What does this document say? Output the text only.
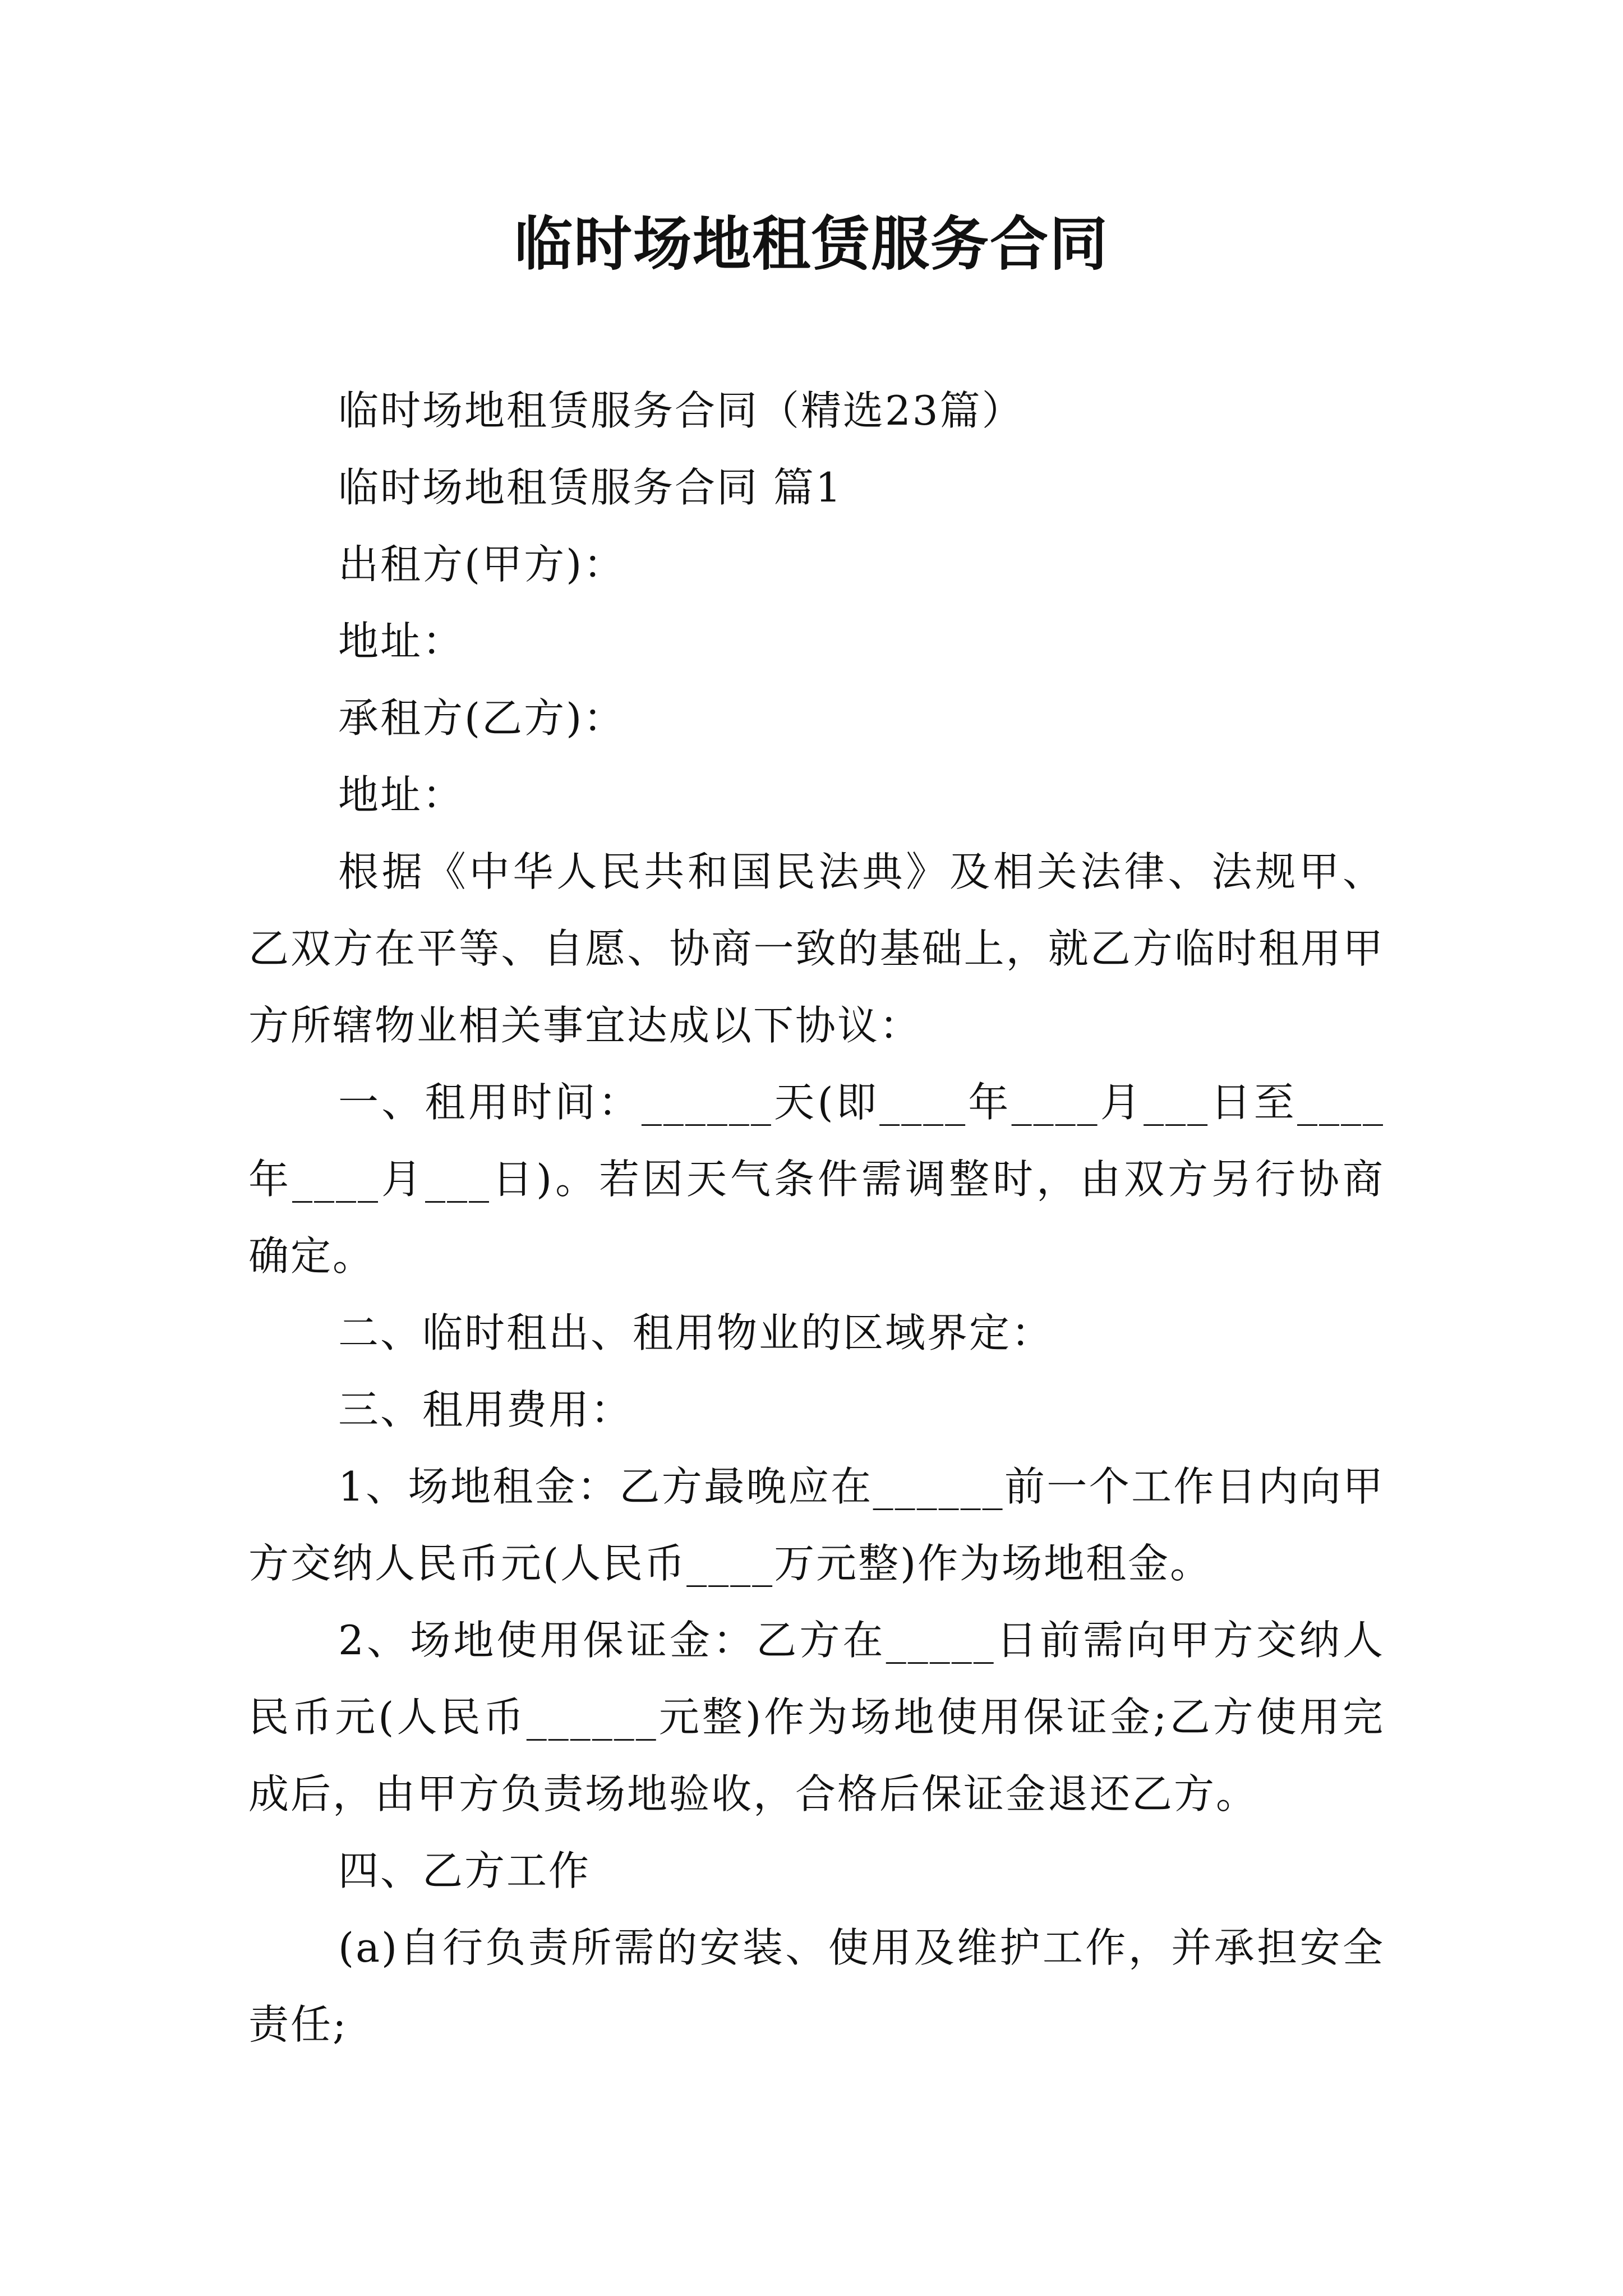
临时场地租赁服务合同

临时场地租赁服务合同（精选23篇）

临时场地租赁服务合同 篇1

出租方(甲方)：

地址：

承租方(乙方)：

地址：

根据《中华人民共和国民法典》及相关法律、法规甲、乙双方在平等、自愿、协商一致的基础上，就乙方临时租用甲方所辖物业相关事宜达成以下协议：

一、租用时间：______天(即____年____月___日至____年____月___日)。若因天气条件需调整时，由双方另行协商确定。

二、临时租出、租用物业的区域界定：

三、租用费用：

1、场地租金：乙方最晚应在______前一个工作日内向甲方交纳人民币元(人民币____万元整)作为场地租金。

2、场地使用保证金：乙方在_____日前需向甲方交纳人民币元(人民币______元整)作为场地使用保证金;乙方使用完成后，由甲方负责场地验收，合格后保证金退还乙方。

四、乙方工作

(a)自行负责所需的安装、使用及维护工作，并承担安全责任;
